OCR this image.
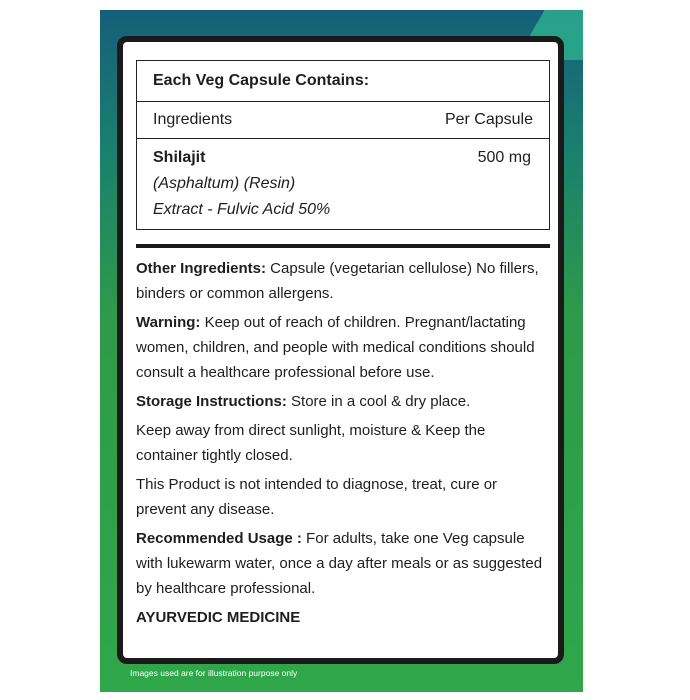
Each Veg Capsule Contains:
Ingredients	Per Capsule
Shilajit	500 mg
(Asphaltum) (Resin)
Extract - Fulvic Acid 50%

Other Ingredients: Capsule (vegetarian cellulose) No fillers, binders or common allergens.

Warning: Keep out of reach of children. Pregnant/lactating women, children, and people with medical conditions should consult a healthcare professional before use.

Storage Instructions: Store in a cool & dry place.

Keep away from direct sunlight, moisture & Keep the container tightly closed.

This Product is not intended to diagnose, treat, cure or prevent any disease.

Recommended Usage : For adults, take one Veg capsule with lukewarm water, once a day after meals or as suggested by healthcare professional.

AYURVEDIC MEDICINE

Images used are for illustration purpose only
